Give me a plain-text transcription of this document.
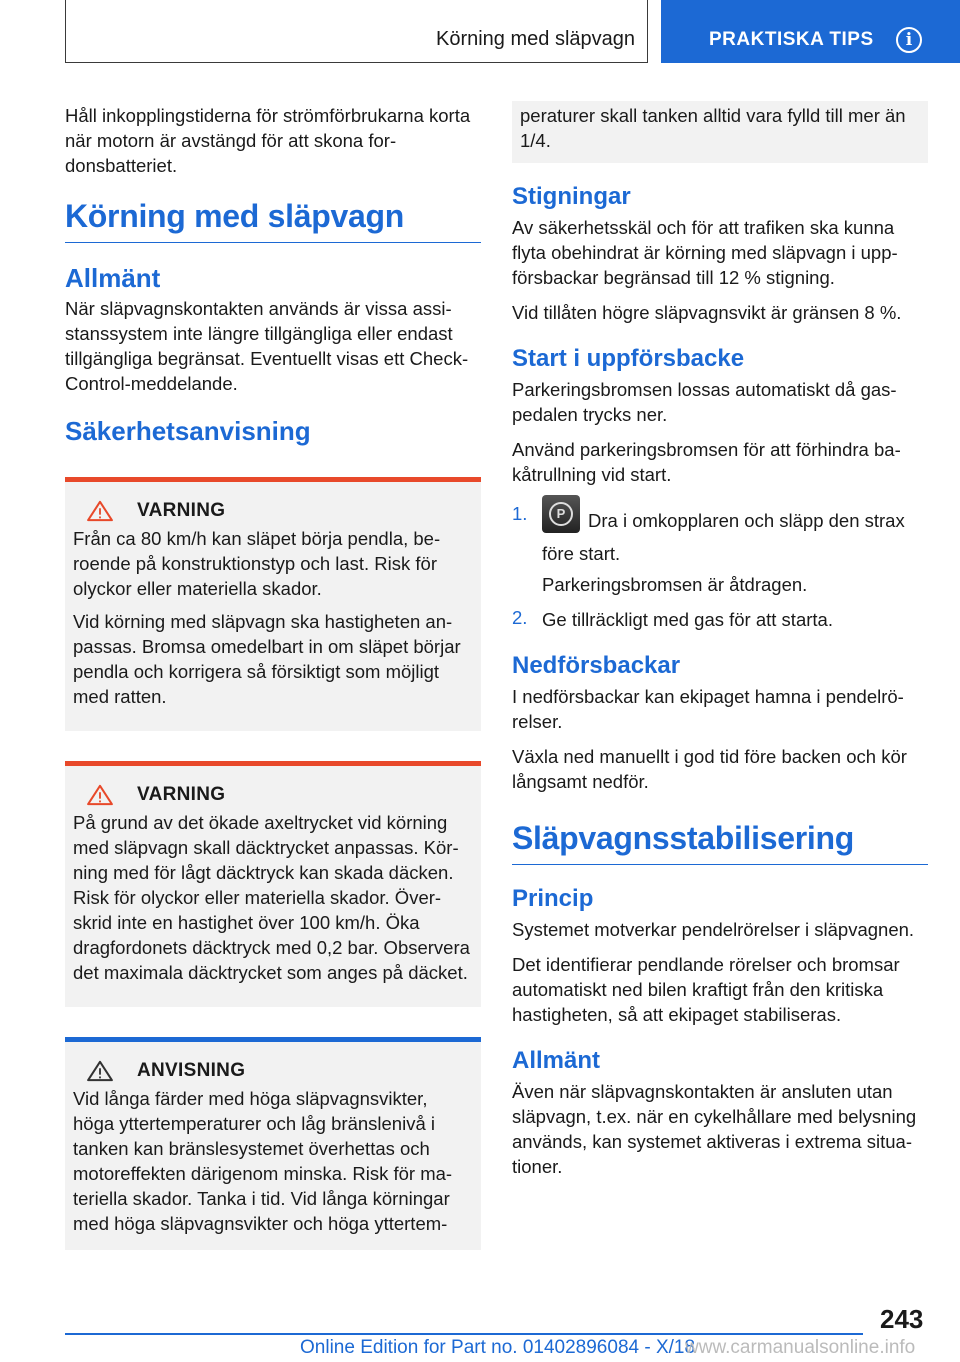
Körning med släpvagn	PRAKTISKA TIPS	i

Håll inkopplingstiderna för strömförbrukarna korta när motorn är avstängd för att skona fordonsbatteriet.

Körning med släpvagn
Allmänt

När släpvagnskontakten används är vissa assistanssystem inte längre tillgängliga eller endast tillgängliga begränsat. Eventuellt visas ett Check-Control-meddelande.

Säkerhetsanvisning
VARNING

Från ca 80 km/h kan släpet börja pendla, beroende på konstruktionstyp och last. Risk för olyckor eller materiella skador.

Vid körning med släpvagn ska hastigheten anpassas. Bromsa omedelbart in om släpet börjar pendla och korrigera så försiktigt som möjligt med ratten.

VARNING

På grund av det ökade axeltrycket vid körning med släpvagn skall däcktrycket anpassas. Körning med för lågt däcktryck kan skada däcken. Risk för olyckor eller materiella skador. Överskrid inte en hastighet över 100 km/h. Öka dragfordonets däcktryck med 0,2 bar. Observera det maximala däcktrycket som anges på däcket.

ANVISNING

Vid långa färder med höga släpvagnsvikter, höga yttertemperaturer och låg bränslenivå i tanken kan bränslesystemet överhettas och motoreffekten därigenom minska. Risk för materiella skador. Tanka i tid. Vid långa körningar med höga släpvagnsvikter och höga yttertem-

peraturer skall tanken alltid vara fylld till mer än 1/4.

Stigningar

Av säkerhetsskäl och för att trafiken ska kunna flyta obehindrat är körning med släpvagn i uppförsbackar begränsad till 12 % stigning.

Vid tillåten högre släpvagnsvikt är gränsen 8 %.

Start i uppförsbacke

Parkeringsbromsen lossas automatiskt då gaspedalen trycks ner.

Använd parkeringsbromsen för att förhindra bakåtrullning vid start.

1.	P	Dra i omkopplaren och släpp den strax före start.

Parkeringsbromsen är åtdragen.

2. Ge tillräckligt med gas för att starta.

Nedförsbackar

I nedförsbackar kan ekipaget hamna i pendelrörelser.

Växla ned manuellt i god tid före backen och kör långsamt nedför.

Släpvagnsstabilisering
Princip

Systemet motverkar pendelrörelser i släpvagnen.

Det identifierar pendlande rörelser och bromsar automatiskt ned bilen kraftigt från den kritiska hastigheten, så att ekipaget stabiliseras.

Allmänt

Även när släpvagnskontakten är ansluten utan släpvagn, t.ex. när en cykelhållare med belysning används, kan systemet aktiveras i extrema situationer.

243
Online Edition for Part no. 01402896084 - X/18
www.carmanualsonline.info
